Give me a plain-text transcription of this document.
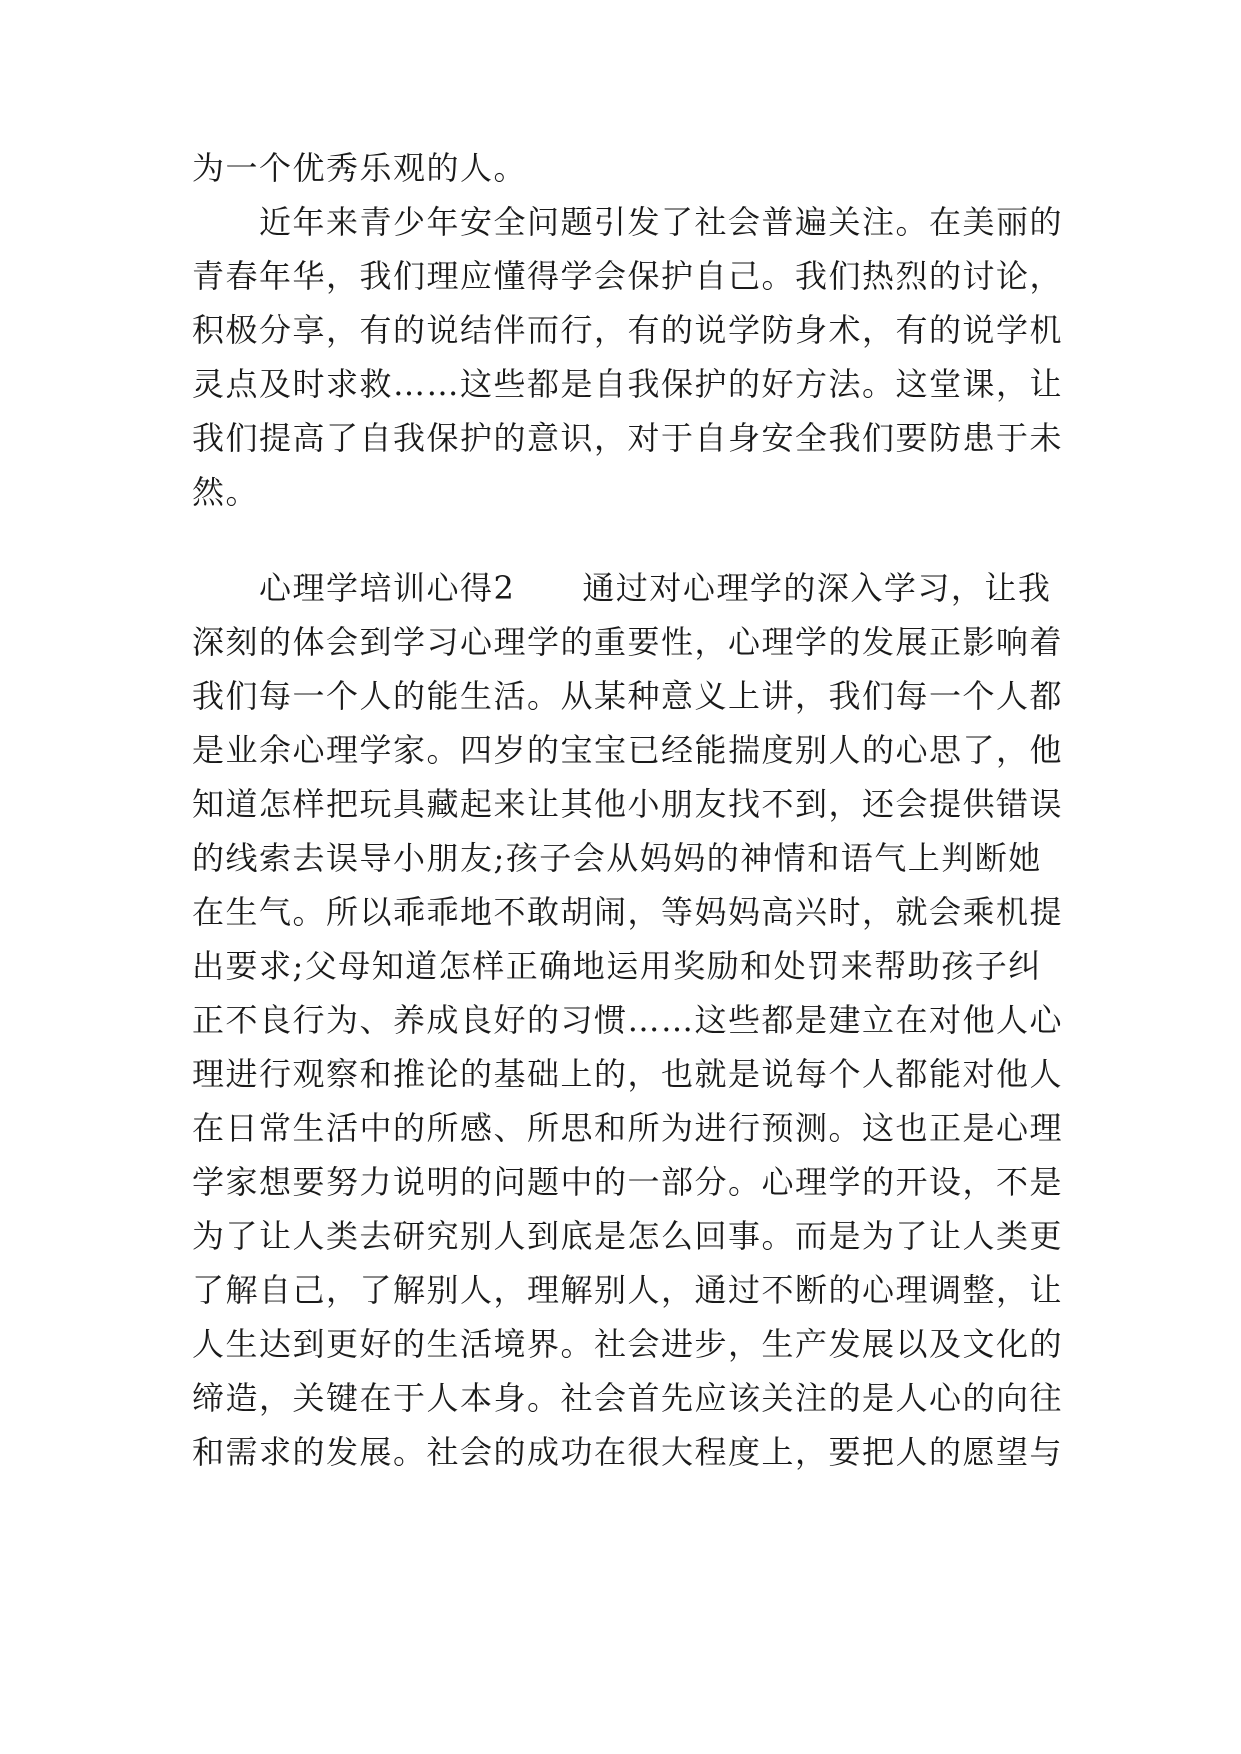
为一个优秀乐观的人。
　　近年来青少年安全问题引发了社会普遍关注。在美丽的
青春年华，我们理应懂得学会保护自己。我们热烈的讨论，
积极分享，有的说结伴而行，有的说学防身术，有的说学机
灵点及时求救……这些都是自我保护的好方法。这堂课，让
我们提高了自我保护的意识，对于自身安全我们要防患于未
然。
　　心理学培训心得2　　通过对心理学的深入学习，让我
深刻的体会到学习心理学的重要性，心理学的发展正影响着
我们每一个人的能生活。从某种意义上讲，我们每一个人都
是业余心理学家。四岁的宝宝已经能揣度别人的心思了，他
知道怎样把玩具藏起来让其他小朋友找不到，还会提供错误
的线索去误导小朋友;孩子会从妈妈的神情和语气上判断她
在生气。所以乖乖地不敢胡闹，等妈妈高兴时，就会乘机提
出要求;父母知道怎样正确地运用奖励和处罚来帮助孩子纠
正不良行为、养成良好的习惯……这些都是建立在对他人心
理进行观察和推论的基础上的，也就是说每个人都能对他人
在日常生活中的所感、所思和所为进行预测。这也正是心理
学家想要努力说明的问题中的一部分。心理学的开设，不是
为了让人类去研究别人到底是怎么回事。而是为了让人类更
了解自己，了解别人，理解别人，通过不断的心理调整，让
人生达到更好的生活境界。社会进步，生产发展以及文化的
缔造，关键在于人本身。社会首先应该关注的是人心的向往
和需求的发展。社会的成功在很大程度上，要把人的愿望与
